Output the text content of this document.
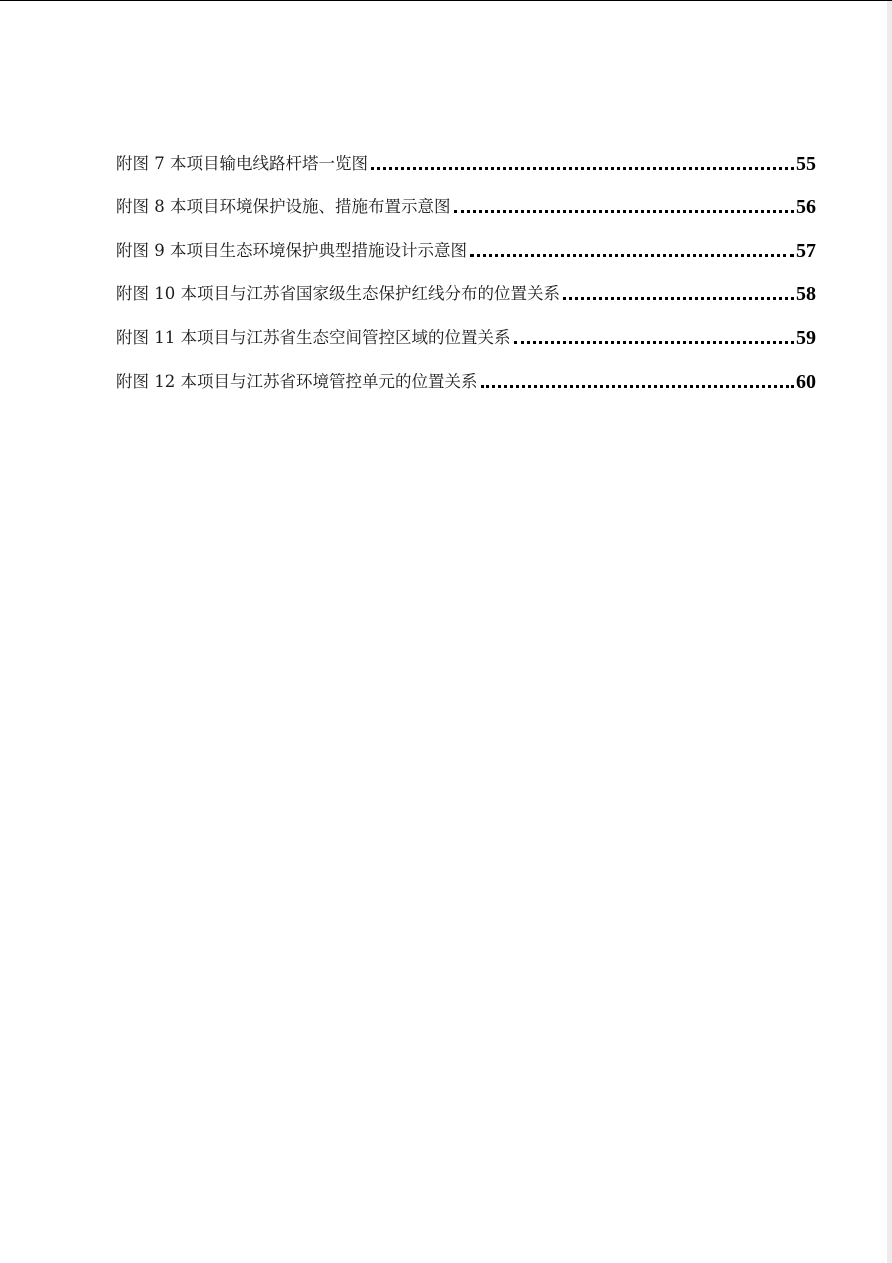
附图 7 本项目输电线路杆塔一览图	55
附图 8 本项目环境保护设施、措施布置示意图	56
附图 9 本项目生态环境保护典型措施设计示意图	57
附图 10 本项目与江苏省国家级生态保护红线分布的位置关系	58
附图 11 本项目与江苏省生态空间管控区域的位置关系	59
附图 12 本项目与江苏省环境管控单元的位置关系	60
